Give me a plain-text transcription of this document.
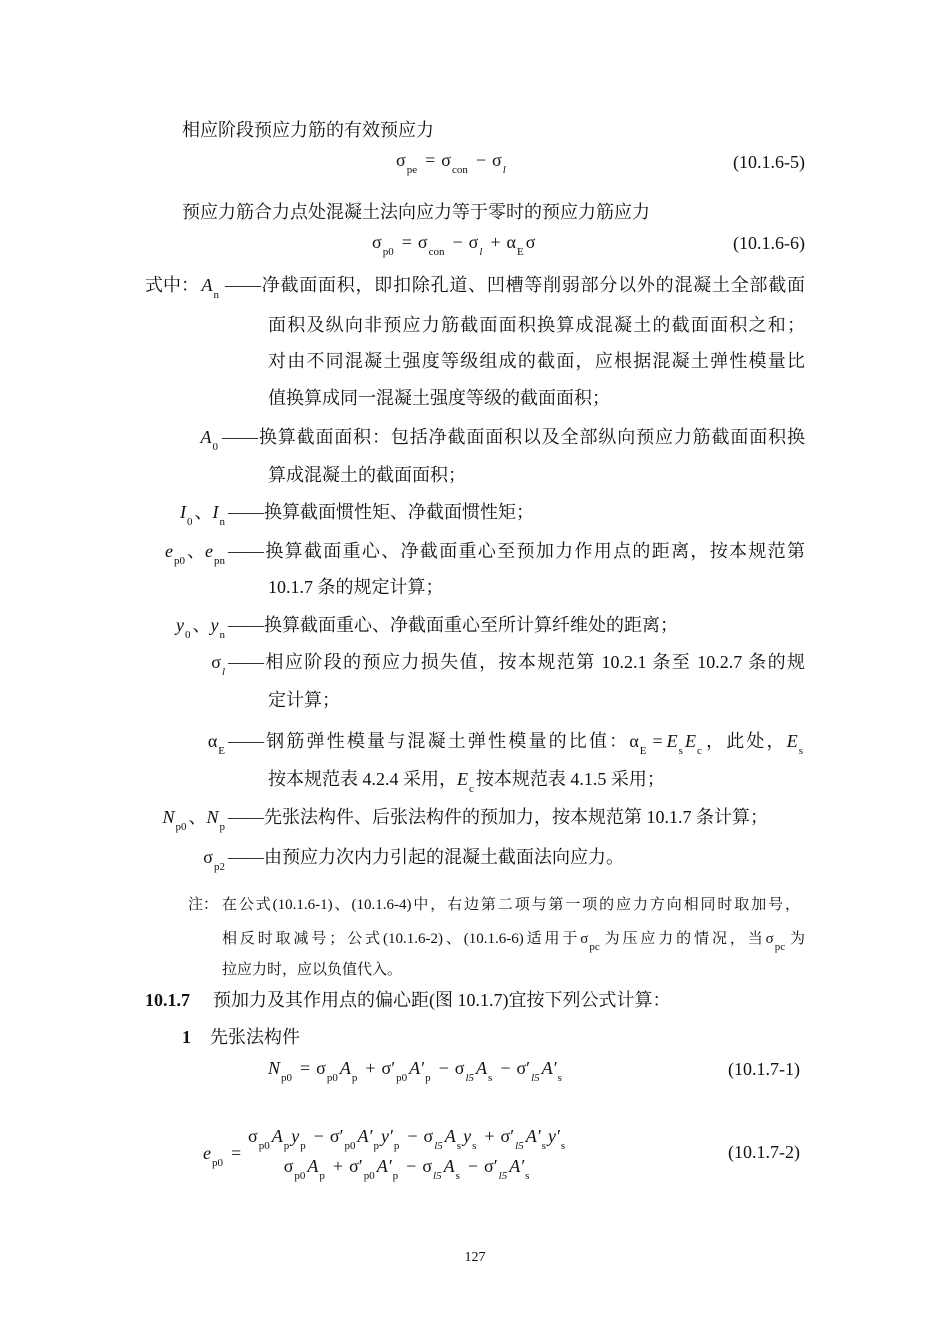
相应阶段预应力筋的有效预应力
$\sigma_{pe} = \sigma_{con} - \sigma_l$	(10.1.6-5)
预应力筋合力点处混凝土法向应力等于零时的预应力筋应力
$\sigma_{p0} = \sigma_{con} - \sigma_l + \alpha_E$ σ	(10.1.6-6)
式中： $A_n$ ——净截面面积，即扣除孔道、凹槽等削弱部分以外的混凝土全部截面
面积及纵向非预应力筋截面面积换算成混凝土的截面面积之和；
对由不同混凝土强度等级组成的截面，应根据混凝土弹性模量比
值换算成同一混凝土强度等级的截面面积；
$A_0$ ——换算截面面积：包括净截面面积以及全部纵向预应力筋截面面积换
算成混凝土的截面面积；
$I_0$ 、$I_n$ ——换算截面惯性矩、净截面惯性矩；
$e_{p0}$ 、$e_{pn}$ ——换算截面重心、净截面重心至预加力作用点的距离，按本规范第
10.1.7 条的规定计算；
$y_0$ 、$y_n$ ——换算截面重心、净截面重心至所计算纤维处的距离；
$\sigma_l$ ——相应阶段的预应力损失值，按本规范第 10.2.1 条至 10.2.7 条的规
定计算；
$\alpha_E$ ——钢筋弹性模量与混凝土弹性模量的比值：$\alpha_E = E_s$ $E_c$ ，此处，$E_s$
按本规范表 4.2.4 采用，$E_c$ 按本规范表 4.1.5 采用；
$N_{p0}$ 、$N_p$ ——先张法构件、后张法构件的预加力，按本规范第 10.1.7 条计算；
$\sigma_{p2}$ ——由预应力次内力引起的混凝土截面法向应力。
注： 在公式(10.1.6-1)、(10.1.6-4)中，右边第二项与第一项的应力方向相同时取加号，
相反时取减号；公式(10.1.6-2)、(10.1.6-6)适用于$\sigma_{pc}$ 为压应力的情况，当$\sigma_{pc}$ 为
拉应力时，应以负值代入。
10.1.7 预加力及其作用点的偏心距(图 10.1.7)宜按下列公式计算：
1 先张法构件
$N_{p0} = \sigma_{p0}$ $A_p + \sigma'_{p0}$ $A'_p - \sigma_{l5}$ $A_s - \sigma'_{l5}$ $A'_s$	(10.1.7-1)
$e_{p0}$ =
$\sigma_{p0}$ $A_p$ $y_p - \sigma'_{p0}$ $A'_p$ $y'_p - \sigma_{l5}$ $A_s$ $y_s + \sigma'_{l5}$ $A'_s$ $y'_s$
$\sigma_{p0}$ $A_p + \sigma'_{p0}$ $A'_p - \sigma_{l5}$ $A_s - \sigma'_{l5}$ $A'_s$
(10.1.7-2)
127
